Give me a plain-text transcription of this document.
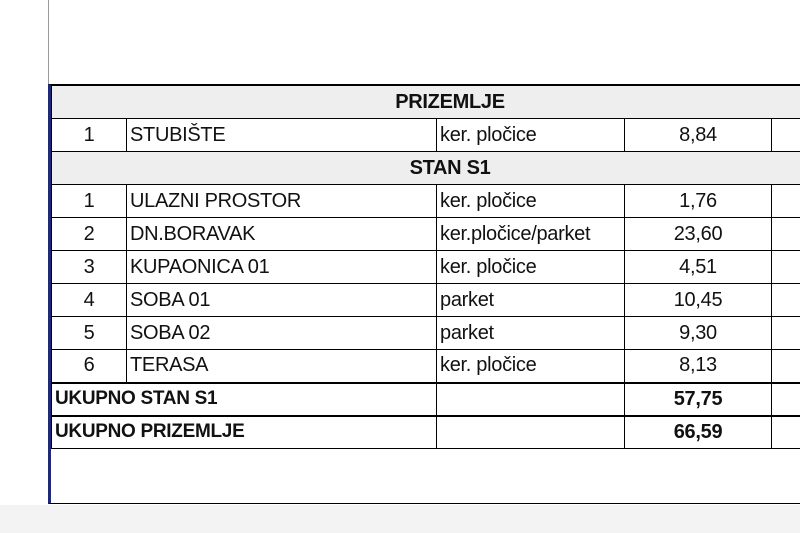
PRIZEMLJE				
1	STUBIŠTE	ker. pločice	8,84	
STAN S1				
1	ULAZNI PROSTOR	ker. pločice	1,76	
2	DN.BORAVAK	ker.pločice/parket	23,60	
3	KUPAONICA 01	ker. pločice	4,51	
4	SOBA 01	parket	10,45	
5	SOBA 02	parket	9,30	
6	TERASA	ker. pločice	8,13	
UKUPNO STAN S1			57,75	
UKUPNO PRIZEMLJE			66,59	
